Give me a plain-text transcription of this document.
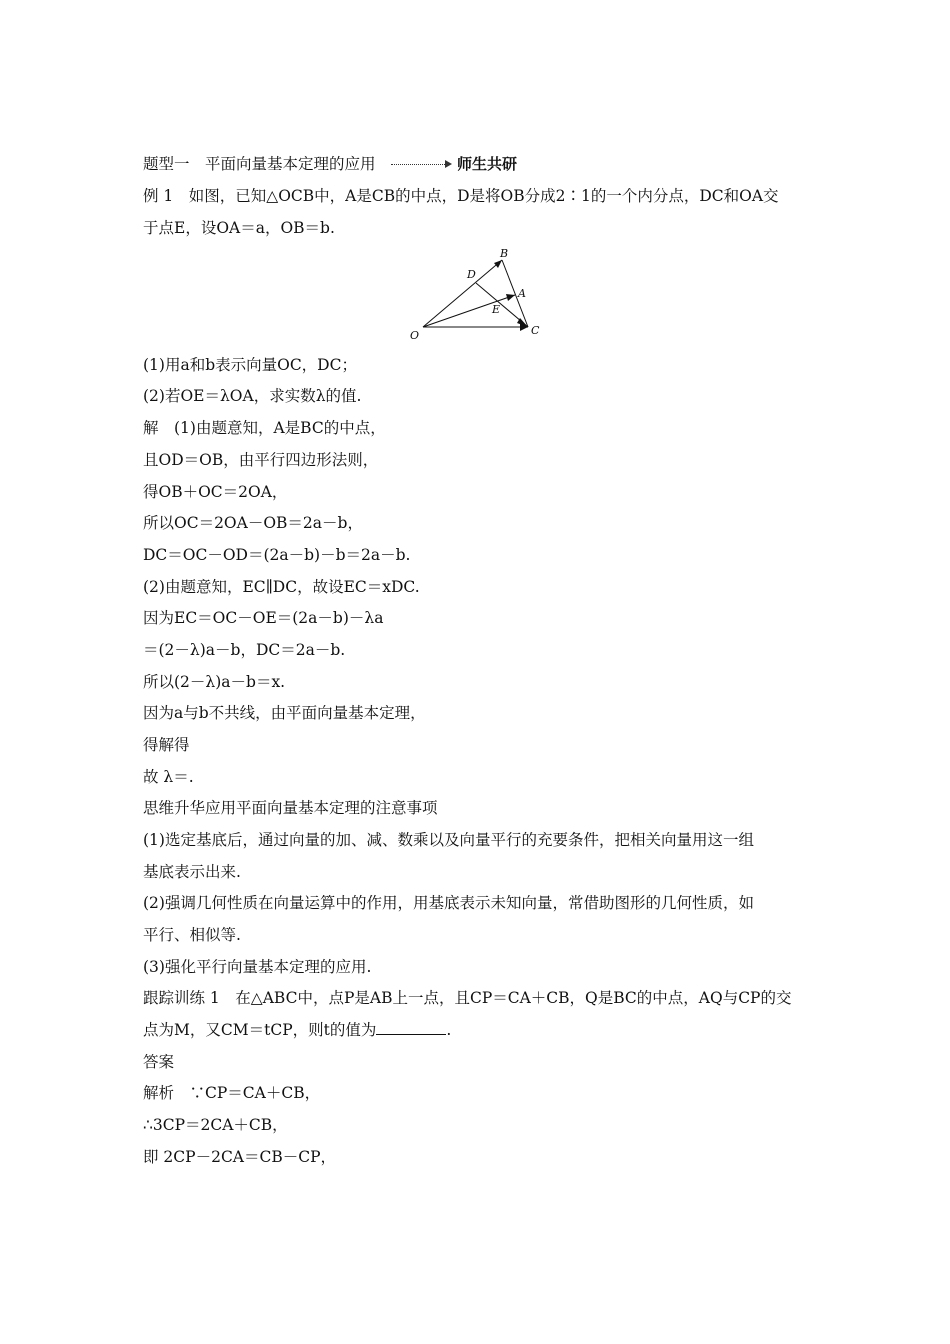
题型一　平面向量基本定理的应用	师生共研
例 1　如图，已知△OCB中，A是CB的中点，D是将OB分成2∶1的一个内分点，DC和OA交
于点E，设OA＝a，OB＝b.
O
B
D
A
E
C
(1)用a和b表示向量OC，DC；
(2)若OE＝λOA，求实数λ的值.
解　(1)由题意知，A是BC的中点，
且OD＝OB，由平行四边形法则，
得OB＋OC＝2OA，
所以OC＝2OA－OB＝2a－b，
DC＝OC－OD＝(2a－b)－b＝2a－b.
(2)由题意知，EC∥DC，故设EC＝xDC.
因为EC＝OC－OE＝(2a－b)－λa
＝(2－λ)a－b，DC＝2a－b.
所以(2－λ)a－b＝x.
因为a与b不共线，由平面向量基本定理，
得解得
故 λ＝.
思维升华应用平面向量基本定理的注意事项
(1)选定基底后，通过向量的加、减、数乘以及向量平行的充要条件，把相关向量用这一组
基底表示出来.
(2)强调几何性质在向量运算中的作用，用基底表示未知向量，常借助图形的几何性质，如
平行、相似等.
(3)强化平行向量基本定理的应用.
跟踪训练 1　在△ABC中，点P是AB上一点，且CP＝CA＋CB，Q是BC的中点，AQ与CP的交
点为M，又CM＝tCP，则t的值为	.
答案
解析　∵CP＝CA＋CB，
∴3CP＝2CA＋CB，
即 2CP－2CA＝CB－CP，
